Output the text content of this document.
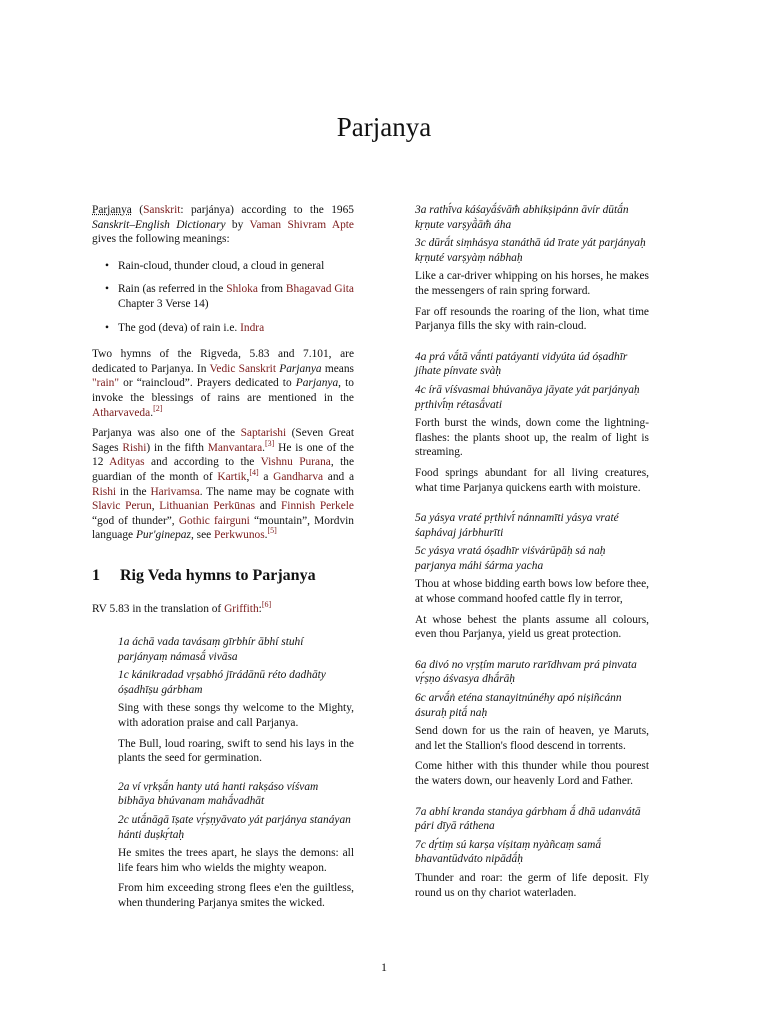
Parjanya

Parjanya (Sanskrit: parjánya) according to the 1965 Sanskrit–English Dictionary by Vaman Shivram Apte gives the following meanings:

• Rain-cloud, thunder cloud, a cloud in general
• Rain (as referred in the Shloka from Bhagavad Gita Chapter 3 Verse 14)
• The god (deva) of rain i.e. Indra

Two hymns of the Rigveda, 5.83 and 7.101, are dedicated to Parjanya. In Vedic Sanskrit Parjanya means "rain" or “raincloud”. Prayers dedicated to Parjanya, to invoke the blessings of rains are mentioned in the Atharvaveda.[2]

Parjanya was also one of the Saptarishi (Seven Great Sages Rishi) in the fifth Manvantara.[3] He is one of the 12 Adityas and according to the Vishnu Purana, the guardian of the month of Kartik,[4] a Gandharva and a Rishi in the Harivamsa. The name may be cognate with Slavic Perun, Lithuanian Perkūnas and Finnish Perkele “god of thunder”, Gothic fairguni “mountain”, Mordvin language Pur'ginepaz, see Perkwunos.[5]

1 Rig Veda hymns to Parjanya

RV 5.83 in the translation of Griffith:[6]

1a áchā vada tavásaṃ gīrbhír ābhí stuhí parjányaṃ námasā́ vivāsa
1c kánikradad vṛṣabhó jīrádānū réto dadhāty óṣadhīṣu gárbham
Sing with these songs thy welcome to the Mighty, with adoration praise and call Parjanya.
The Bull, loud roaring, swift to send his lays in the plants the seed for germination.
2a ví vṛkṣā́n hanty utá hanti rakṣáso víśvam bibhāya bhúvanam mahā́vadhāt
2c utā́nāgā īṣate vṛ́ṣṇyāvato yát parjánya stanáyan hánti duṣkṛ́taḥ
He smites the trees apart, he slays the demons: all life fears him who wields the mighty weapon.
From him exceeding strong flees e'en the guiltless, when thundering Parjanya smites the wicked.
3a rathī́va káśayā́śvām̐ abhikṣipánn āvír dūtā́n kṛṇute varṣyā̀ām̐ áha
3c dūrā́t siṃhásya stanáthā úd īrate yát parjányaḥ kṛṇuté varṣyàṃ nábhaḥ
Like a car-driver whipping on his horses, he makes the messengers of rain spring forward.
Far off resounds the roaring of the lion, what time Parjanya fills the sky with rain-cloud.
4a prá vā́tā vā́nti patáyanti vidyúta úd óṣadhīr jíhate pínvate svàḥ
4c írā víśvasmai bhúvanāya jāyate yát parjányaḥ pṛthivī́ṃ rétasā́vati
Forth burst the winds, down come the lightning-flashes: the plants shoot up, the realm of light is streaming.
Food springs abundant for all living creatures, what time Parjanya quickens earth with moisture.
5a yásya vraté pṛthivī́ nánnamīti yásya vraté śaphávaj járbhurīti
5c yásya vratá óṣadhīr viśvárūpāḥ sá naḥ parjanya máhi śárma yacha
Thou at whose bidding earth bows low before thee, at whose command hoofed cattle fly in terror,
At whose behest the plants assume all colours, even thou Parjanya, yield us great protection.
6a divó no vṛṣṭím maruto rarīdhvam prá pinvata vṛ́ṣṇo áśvasya dhā́rāḥ
6c arvā́ṅ eténa stanayitnúnéhy apó niṣiñcánn ásuraḥ pitā́ naḥ
Send down for us the rain of heaven, ye Maruts, and let the Stallion's flood descend in torrents.
Come hither with this thunder while thou pourest the waters down, our heavenly Lord and Father.
7a abhí kranda stanáya gárbham ā́ dhā udanvátā pári dīyā ráthena
7c dṛ́tiṃ sú karṣa víṣitaṃ nyàñcaṃ samā́ bhavantūdváto nipādā́ḥ
Thunder and roar: the germ of life deposit. Fly round us on thy chariot waterladen.
1
